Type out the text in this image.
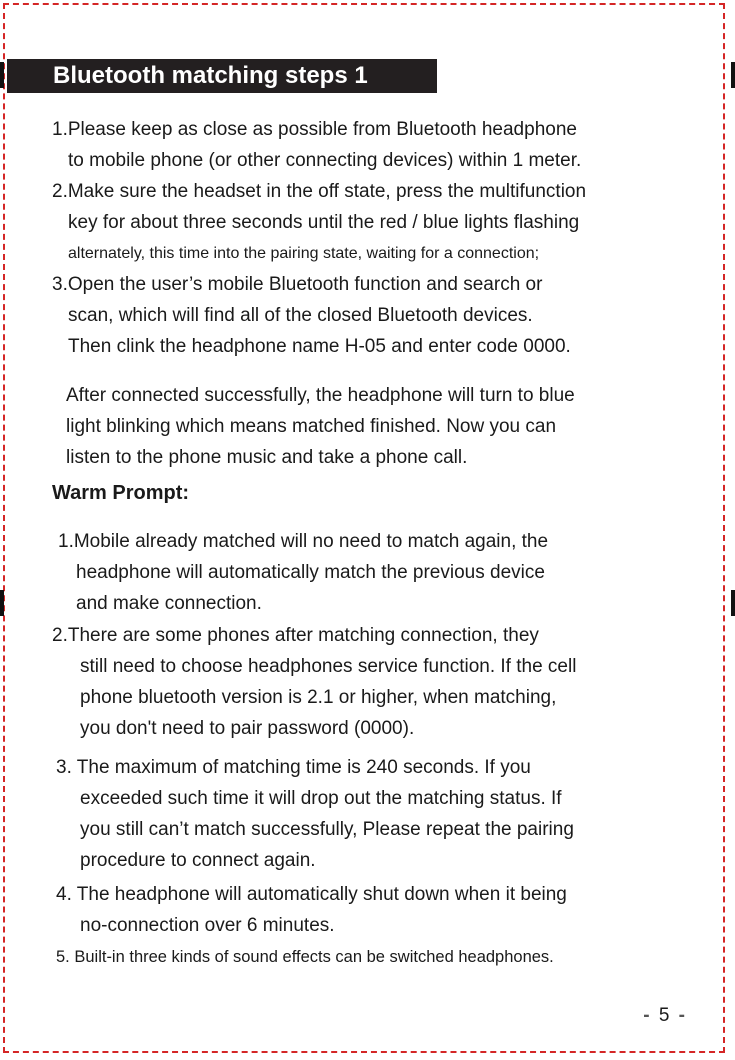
Bluetooth matching steps 1

1.Please keep as close as possible from Bluetooth headphone

to mobile phone (or other connecting devices) within 1 meter.

2.Make sure the headset in the off state, press the multifunction

key for about three seconds until the red / blue lights flashing

alternately, this time into the pairing state, waiting for a connection;

3.Open the user’s mobile Bluetooth function and search or

scan, which will find all of the closed Bluetooth devices.

Then clink the headphone name H-05 and enter code 0000.

After connected successfully, the headphone will turn to blue

light blinking which means matched finished. Now you can

listen to the phone music and take a phone call.

Warm Prompt:

1.Mobile already matched will no need to match again, the

headphone will automatically match the previous device

and make connection.

2.There are some phones after matching connection, they

still need to choose headphones service function. If the cell

phone bluetooth version is 2.1 or higher, when matching,

you don't need to pair password (0000).

3. The maximum of matching time is 240 seconds. If you

exceeded such time it will drop out the matching status. If

you still can’t match successfully, Please repeat the pairing

procedure to connect again.

4. The headphone will automatically shut down when it being

no-connection over 6 minutes.

5. Built-in three kinds of sound effects can be switched headphones.

- 5 -
